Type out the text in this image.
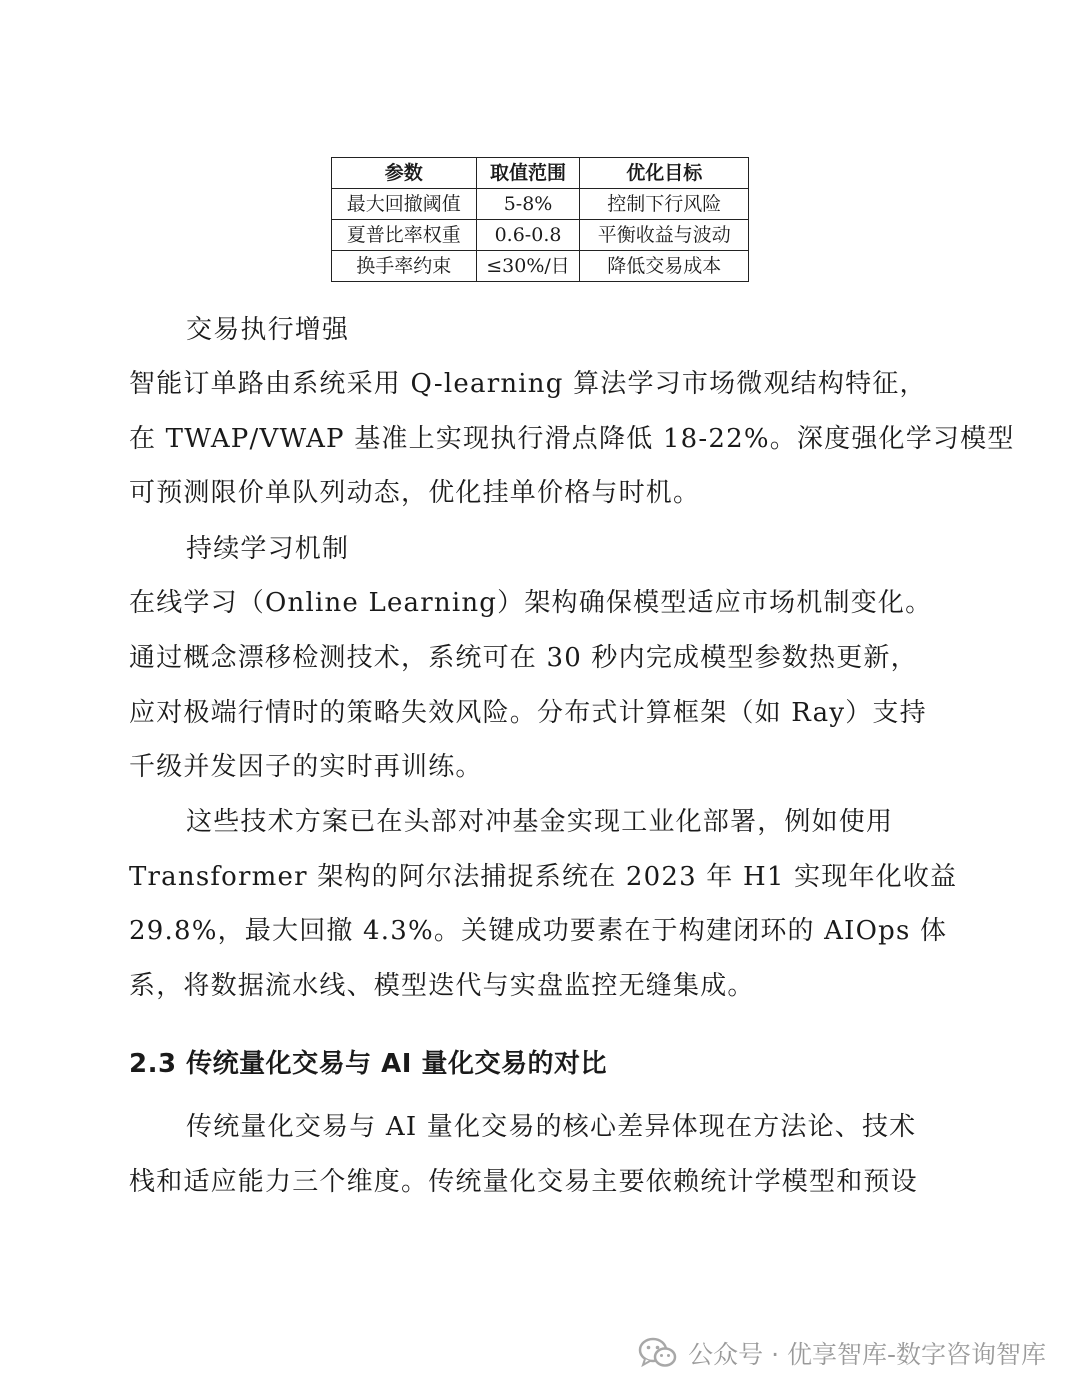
参数	取值范围	优化目标
最大回撤阈值	5-8%	控制下行风险
夏普比率权重	0.6-0.8	平衡收益与波动
换手率约束	≤30%/日	降低交易成本
交易执行增强
智能订单路由系统采用 Q-learning 算法学习市场微观结构特征，
在 TWAP/VWAP 基准上实现执行滑点降低 18-22%。深度强化学习模型
可预测限价单队列动态，优化挂单价格与时机。
持续学习机制
在线学习（Online Learning）架构确保模型适应市场机制变化。
通过概念漂移检测技术，系统可在 30 秒内完成模型参数热更新，
应对极端行情时的策略失效风险。分布式计算框架（如 Ray）支持
千级并发因子的实时再训练。
这些技术方案已在头部对冲基金实现工业化部署，例如使用
Transformer 架构的阿尔法捕捉系统在 2023 年 H1 实现年化收益
29.8%，最大回撤 4.3%。关键成功要素在于构建闭环的 AIOps 体
系，将数据流水线、模型迭代与实盘监控无缝集成。
2.3 传统量化交易与 AI 量化交易的对比
传统量化交易与 AI 量化交易的核心差异体现在方法论、技术
栈和适应能力三个维度。传统量化交易主要依赖统计学模型和预设
公众号 · 优享智库-数字咨询智库
